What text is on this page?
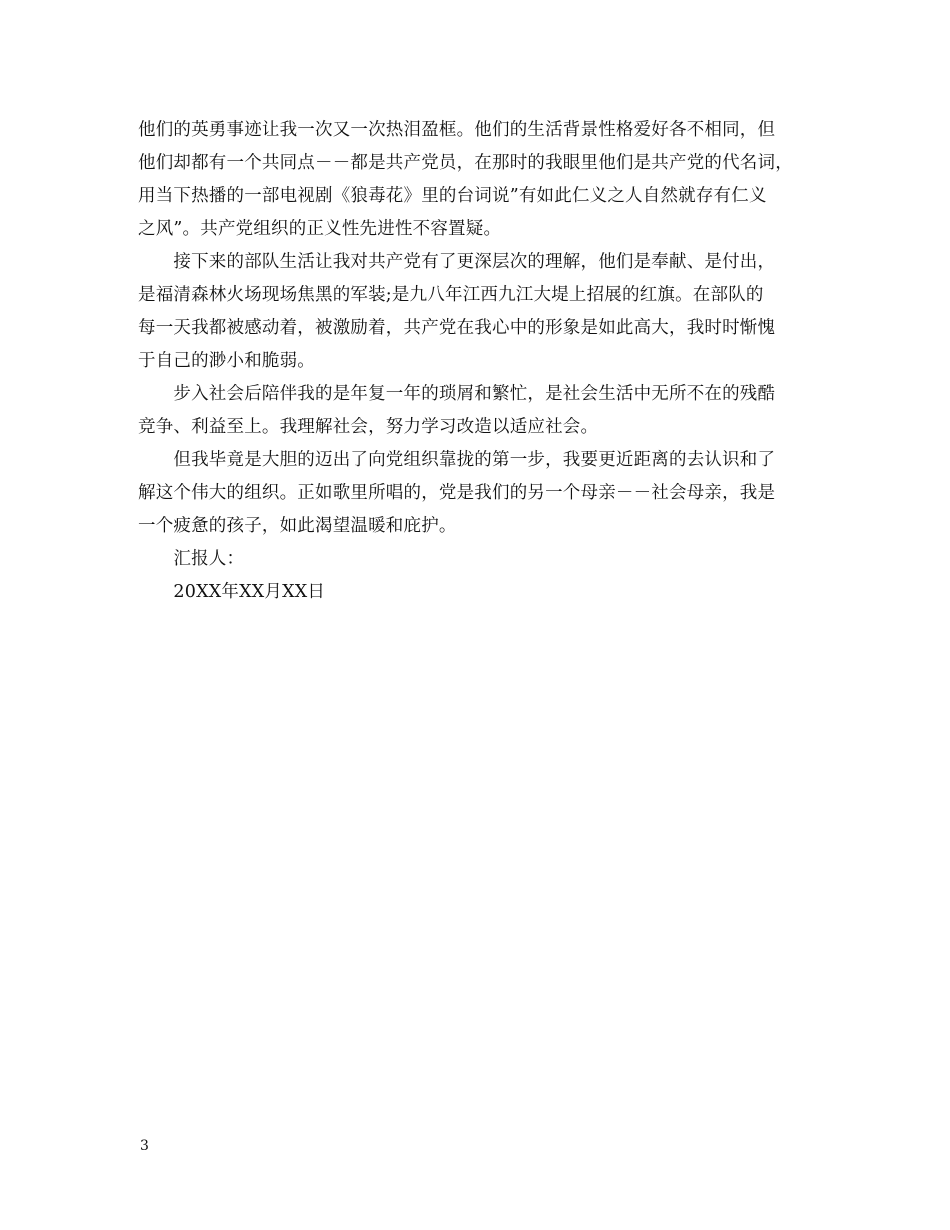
他们的英勇事迹让我一次又一次热泪盈框。他们的生活背景性格爱好各不相同，但
他们却都有一个共同点－－都是共产党员，在那时的我眼里他们是共产党的代名词，
用当下热播的一部电视剧《狼毒花》里的台词说”有如此仁义之人自然就存有仁义
之风”。共产党组织的正义性先进性不容置疑。
　　接下来的部队生活让我对共产党有了更深层次的理解，他们是奉献、是付出，
是福清森林火场现场焦黑的军装;是九八年江西九江大堤上招展的红旗。在部队的
每一天我都被感动着，被激励着，共产党在我心中的形象是如此高大，我时时惭愧
于自己的渺小和脆弱。
　　步入社会后陪伴我的是年复一年的琐屑和繁忙，是社会生活中无所不在的残酷
竞争、利益至上。我理解社会，努力学习改造以适应社会。
　　但我毕竟是大胆的迈出了向党组织靠拢的第一步，我要更近距离的去认识和了
解这个伟大的组织。正如歌里所唱的，党是我们的另一个母亲－－社会母亲，我是
一个疲惫的孩子，如此渴望温暖和庇护。
　　汇报人：
　　20XX年XX月XX日
3
